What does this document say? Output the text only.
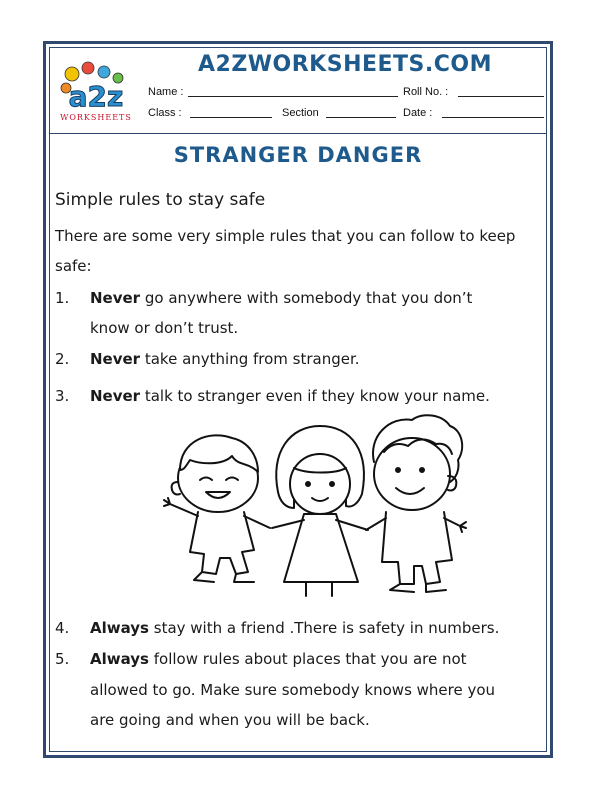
a2z
WORKSHEETS
A2ZWORKSHEETS.COM
Name :	Roll No. :
Class :	Section	Date :
STRANGER DANGER
Simple rules to stay safe
There are some very simple rules that you can follow to keep
safe:
1. Never go anywhere with somebody that you don’t
know or don’t trust.
2. Never take anything from stranger.
3. Never talk to stranger even if they know your name.
4. Always stay with a friend .There is safety in numbers.
5. Always follow rules about places that you are not
allowed to go. Make sure somebody knows where you
are going and when you will be back.
